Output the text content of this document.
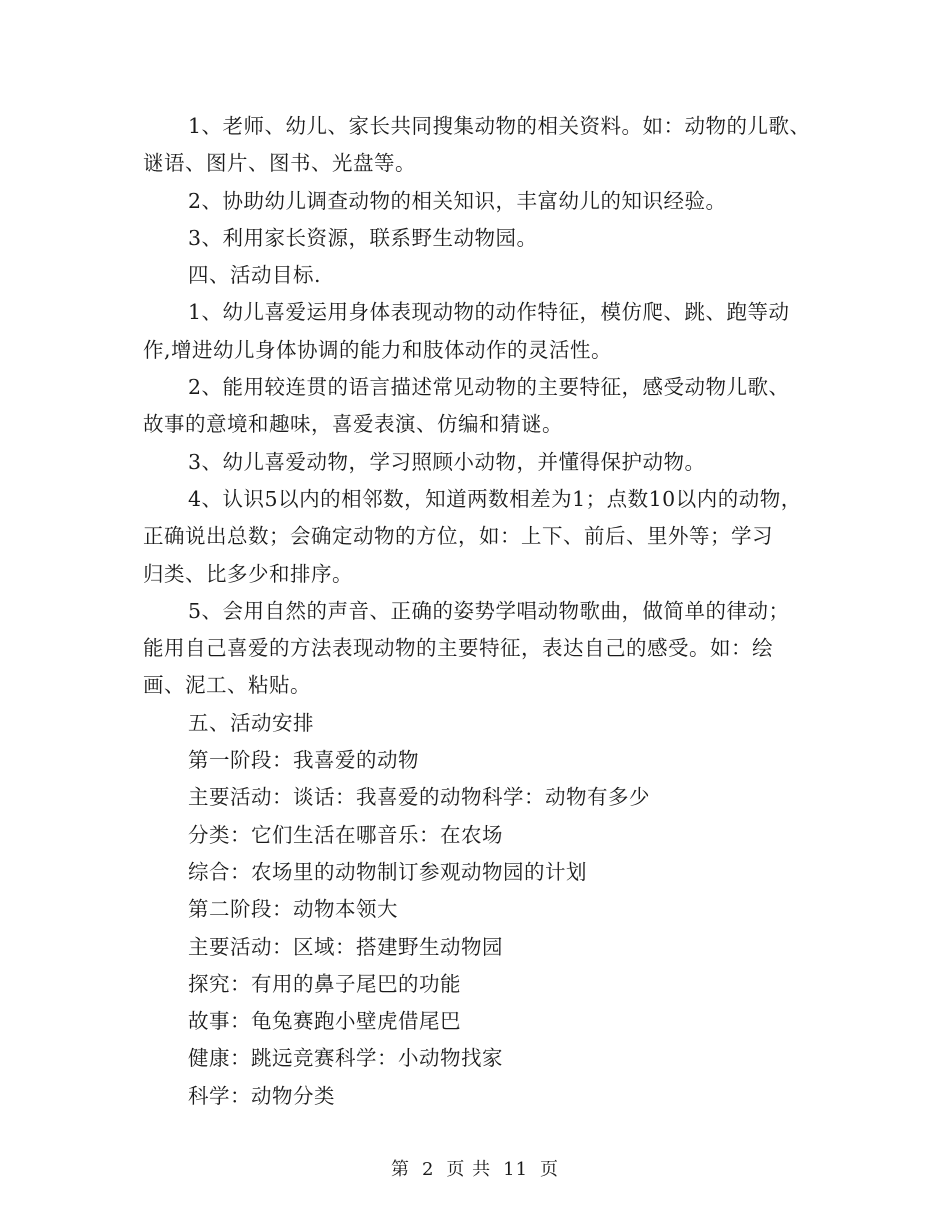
1、老师、幼儿、家长共同搜集动物的相关资料。如：动物的儿歌、
谜语、图片、图书、光盘等。
2、协助幼儿调查动物的相关知识，丰富幼儿的知识经验。
3、利用家长资源，联系野生动物园。
四、活动目标.
1、幼儿喜爱运用身体表现动物的动作特征，模仿爬、跳、跑等动
作,增进幼儿身体协调的能力和肢体动作的灵活性。
2、能用较连贯的语言描述常见动物的主要特征，感受动物儿歌、
故事的意境和趣味，喜爱表演、仿编和猜谜。
3、幼儿喜爱动物，学习照顾小动物，并懂得保护动物。
4、认识5以内的相邻数，知道两数相差为1；点数10以内的动物，
正确说出总数；会确定动物的方位，如：上下、前后、里外等；学习
归类、比多少和排序。
5、会用自然的声音、正确的姿势学唱动物歌曲，做简单的律动；
能用自己喜爱的方法表现动物的主要特征，表达自己的感受。如：绘
画、泥工、粘贴。
五、活动安排
第一阶段：我喜爱的动物
主要活动：谈话：我喜爱的动物科学：动物有多少
分类：它们生活在哪音乐：在农场
综合：农场里的动物制订参观动物园的计划
第二阶段：动物本领大
主要活动：区域：搭建野生动物园
探究：有用的鼻子尾巴的功能
故事：龟兔赛跑小壁虎借尾巴
健康：跳远竞赛科学：小动物找家
科学：动物分类
第 2 页 共 11 页
